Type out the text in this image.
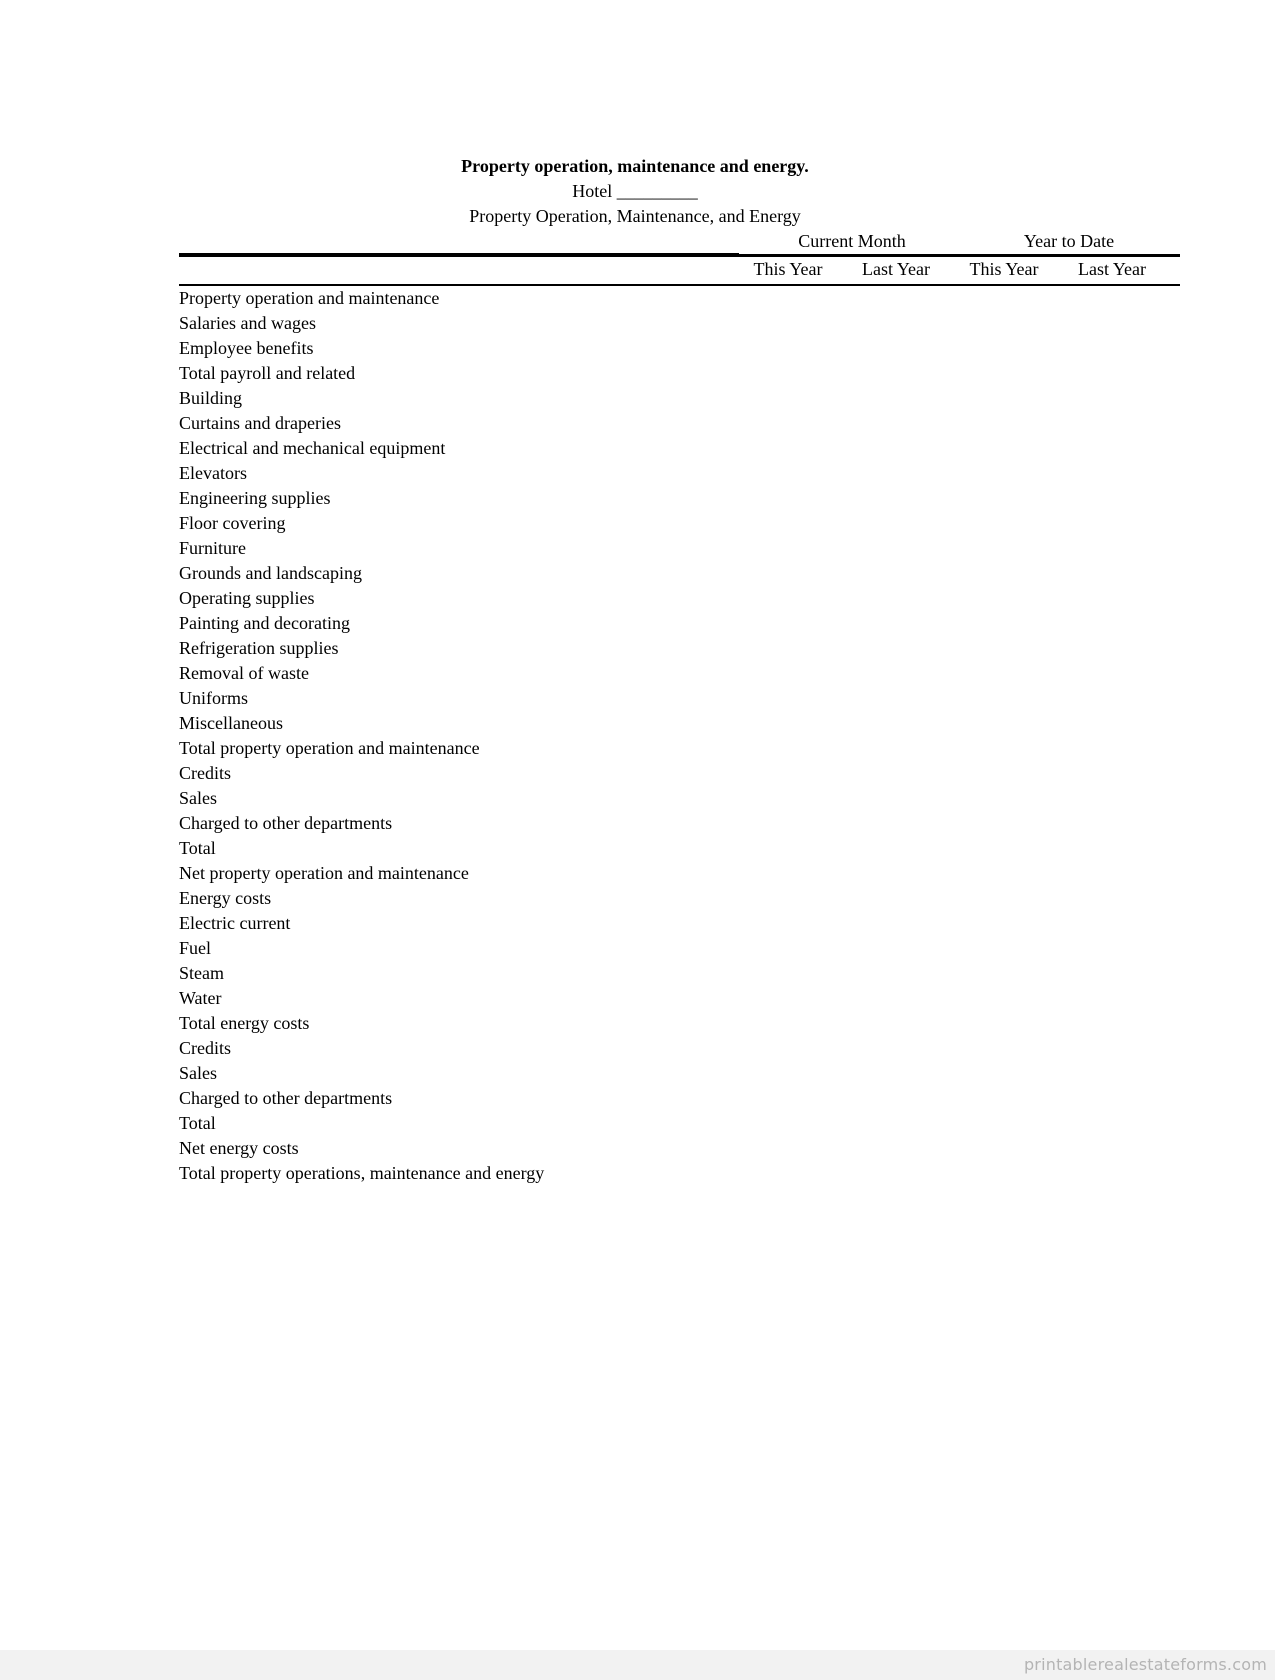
Property operation, maintenance and energy.
Hotel _________
Property Operation, Maintenance, and Energy
Current Month	Year to Date
This Year	Last Year	This Year	Last Year
Property operation and maintenance
Salaries and wages
Employee benefits
Total payroll and related
Building
Curtains and draperies
Electrical and mechanical equipment
Elevators
Engineering supplies
Floor covering
Furniture
Grounds and landscaping
Operating supplies
Painting and decorating
Refrigeration supplies
Removal of waste
Uniforms
Miscellaneous
Total property operation and maintenance
Credits
Sales
Charged to other departments
Total
Net property operation and maintenance
Energy costs
Electric current
Fuel
Steam
Water
Total energy costs
Credits
Sales
Charged to other departments
Total
Net energy costs
Total property operations, maintenance and energy
printablerealestateforms.com
